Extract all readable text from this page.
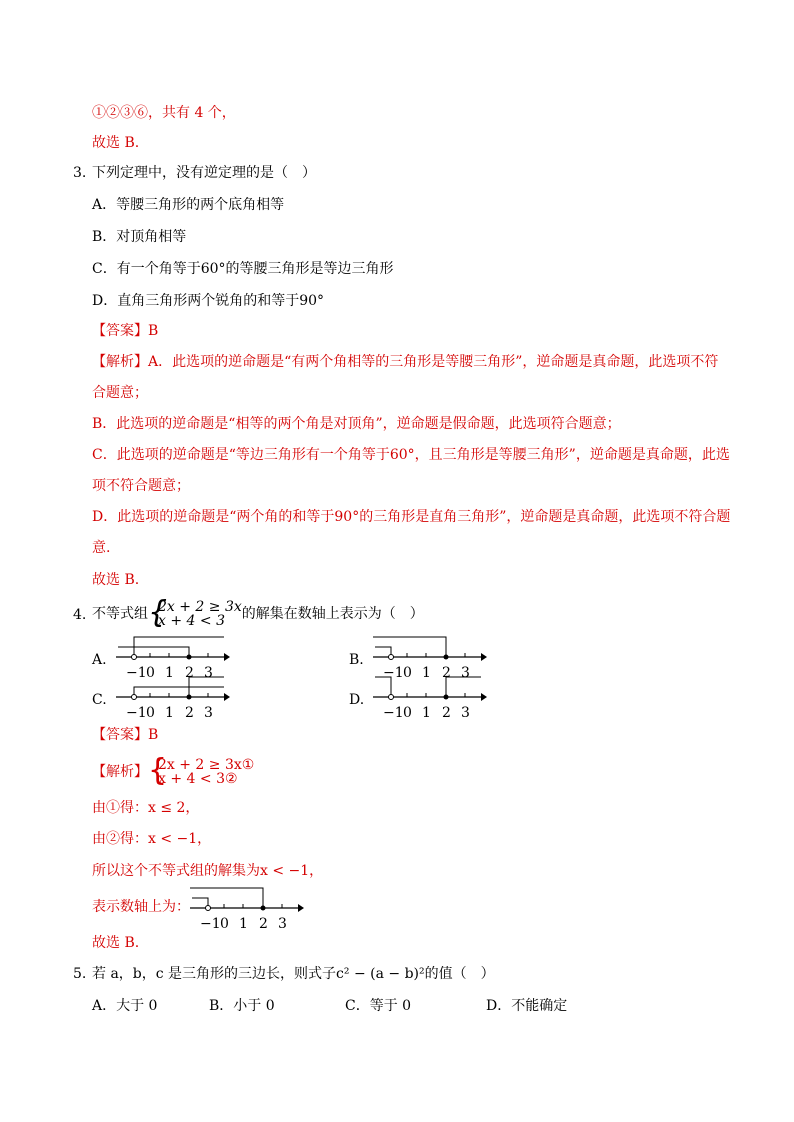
①②③⑥，共有 4 个，
故选 B.
3. 下列定理中，没有逆定理的是（　）
A．等腰三角形的两个底角相等
B．对顶角相等
C．有一个角等于60°的等腰三角形是等边三角形
D．直角三角形两个锐角的和等于90°
【答案】B
【解析】A．此选项的逆命题是“有两个角相等的三角形是等腰三角形”，逆命题是真命题，此选项不符
合题意；
B．此选项的逆命题是“相等的两个角是对顶角”，逆命题是假命题，此选项符合题意；
C．此选项的逆命题是“等边三角形有一个角等于60°，且三角形是等腰三角形”，逆命题是真命题，此选
项不符合题意；
D．此选项的逆命题是“两个角的和等于90°的三角形是直角三角形”，逆命题是真命题，此选项不符合题
意.
故选 B.
4. 不等式组 {
2x + 2 ≥ 3x
x + 4 < 3	的解集在数轴上表示为（　）
A.	B.
C.	D.
−1 0 1 2 3	−1 0 1 2 3
−1 0 1 2 3	−1 0 1 2 3
【答案】B
【解析】 {
2x + 2 ≥ 3x①
x + 4 < 3②
由①得：x ≤ 2，
由②得：x < −1，
所以这个不等式组的解集为x < −1，
表示数轴上为：
−1 0 1 2 3
故选 B.
5. 若 a，b，c 是三角形的三边长，则式子c² − (a − b)²的值（　）
A．大于 0	B．小于 0	C．等于 0	D．不能确定
